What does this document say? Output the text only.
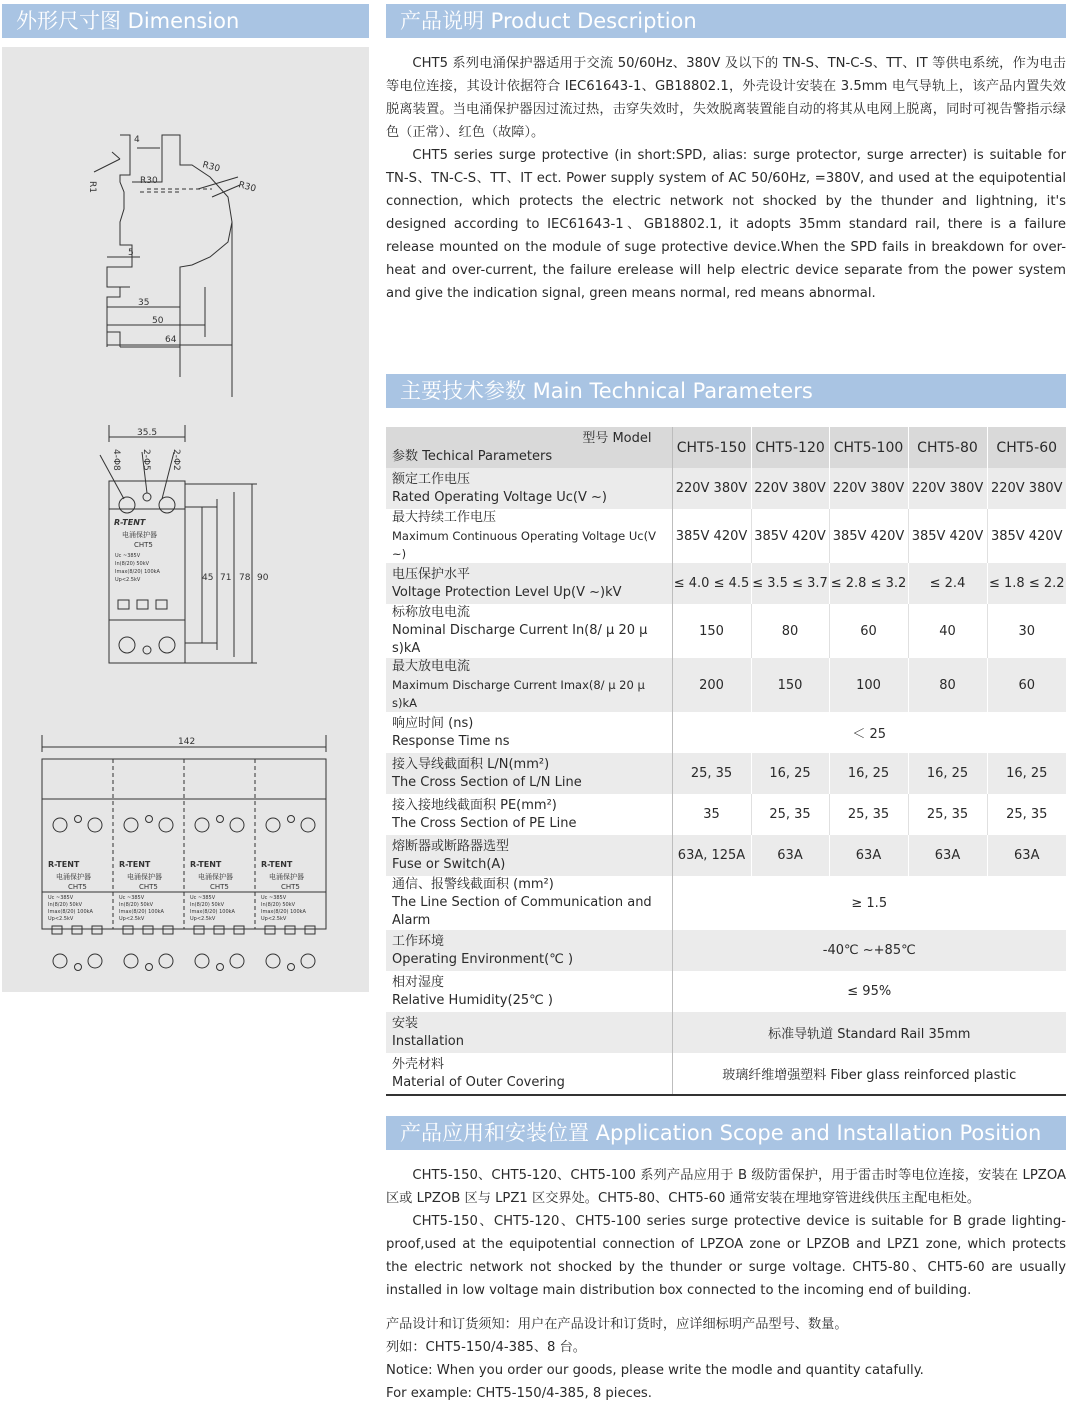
外形尺寸图 Dimension	产品说明 Product Description
主要技术参数 Main Technical Parameters
产品应用和安装位置 Application Scope and Installation Position
4
R1	R30
R30
R30
5
35
50
64
35.5
4-Φ8 2-Φ5 2-Φ2
45 71 78 90
R-TENT
电涌保护器
CHT5
Uc ~385V
In(8/20) 50kV
Imax(8/20) 100kA
Up<2.5kV
R-TENT
电涌保护器
CHT5
Uc ~385V
In(8/20) 50kV
Imax(8/20) 100kA
Up<2.5kV
R-TENT
电涌保护器
CHT5
Uc ~385V
In(8/20) 50kV
Imax(8/20) 100kA
Up<2.5kV
R-TENT
电涌保护器
CHT5
Uc ~385V
In(8/20) 50kV
Imax(8/20) 100kA
Up<2.5kV
R-TENT
电涌保护器
CHT5
Uc ~385V
In(8/20) 50kV
Imax(8/20) 100kA
Up<2.5kV
142

CHT5 系列电涌保护器适用于交流 50/60Hz、380V 及以下的 TN-S、TN-C-S、TT、IT 等供电系统，作为电击等电位连接，其设计依据符合 IEC61643-1、GB18802.1，外壳设计安装在 3.5mm 电气导轨上，该产品内置失效脱离装置。当电涌保护器因过流过热，击穿失效时，失效脱离装置能自动的将其从电网上脱离，同时可视告警指示绿色（正常）、红色（故障）。

CHT5 series surge protective (in short:SPD, alias: surge protector, surge arrecter) is suitable for TN-S、TN-C-S、TT、IT ect. Power supply system of AC 50/60Hz, =380V, and used at the equipotential connection, which protects the electric network not shocked by the thunder and lightning, it's designed according to IEC61643-1、GB18802.1, it adopts 35mm standard rail, there is a failure release mounted on the module of suge protective device.When the SPD fails in breakdown for over-heat and over-current, the failure erelease will help electric device separate from the power system and give the indication signal, green means normal, red means abnormal.

型号 Model
参数 Techical Parameters	CHT5-150	CHT5-120	CHT5-100	CHT5-80	CHT5-60

额定工作电压
Rated Operating Voltage Uc(V ~)	220V 380V	220V 380V	220V 380V	220V 380V	220V 380V

最大持续工作电压
Maximum Continuous Operating Voltage Uc(V ~)	385V 420V	385V 420V	385V 420V	385V 420V	385V 420V

电压保护水平
Voltage Protection Level Up(V ~)kV	≤ 4.0 ≤ 4.5	≤ 3.5 ≤ 3.7	≤ 2.8 ≤ 3.2	≤ 2.4	≤ 1.8 ≤ 2.2

标称放电电流
Nominal Discharge Current In(8/ μ 20 μ s)kA	150	80	60	40	30

最大放电电流
Maximum Discharge Current Imax(8/ μ 20 μ s)kA	200	150	100	80	60

响应时间 (ns)
Response Time ns	＜ 25				

接入导线截面积 L/N(mm²)
The Cross Section of L/N Line	25, 35	16, 25	16, 25	16, 25	16, 25

接入接地线截面积 PE(mm²)
The Cross Section of PE Line	35	25, 35	25, 35	25, 35	25, 35

熔断器或断路器选型
Fuse or Switch(A)	63A, 125A	63A	63A	63A	63A

通信、报警线截面积 (mm²)
The Line Section of Communication and Alarm	≥ 1.5				

工作环境
Operating Environment(℃ )	-40℃ ~+85℃				

相对湿度
Relative Humidity(25℃ )	≤ 95%				

安装
Installation	标准导轨道 Standard Rail 35mm				

外壳材料
Material of Outer Covering	玻璃纤维增强塑料 Fiber glass reinforced plastic				

CHT5-150、CHT5-120、CHT5-100 系列产品应用于 B 级防雷保护，用于雷击时等电位连接，安装在 LPZOA 区或 LPZOB 区与 LPZ1 区交界处。CHT5-80、CHT5-60 通常安装在埋地穿管进线供压主配电柜处。

CHT5-150、CHT5-120、CHT5-100 series surge protective device is suitable for B grade lighting-proof,used at the equipotential connection of LPZOA zone or LPZOB and LPZ1 zone, which protects the electric network not shocked by the thunder or surge voltage. CHT5-80、CHT5-60 are usually installed in low voltage main distribution box connected to the incoming end of building.

产品设计和订货须知：用户在产品设计和订货时，应详细标明产品型号、数量。

列如：CHT5-150/4-385、8 台。

Notice: When you order our goods, please write the modle and quantity catafully.

For example: CHT5-150/4-385, 8 pieces.
